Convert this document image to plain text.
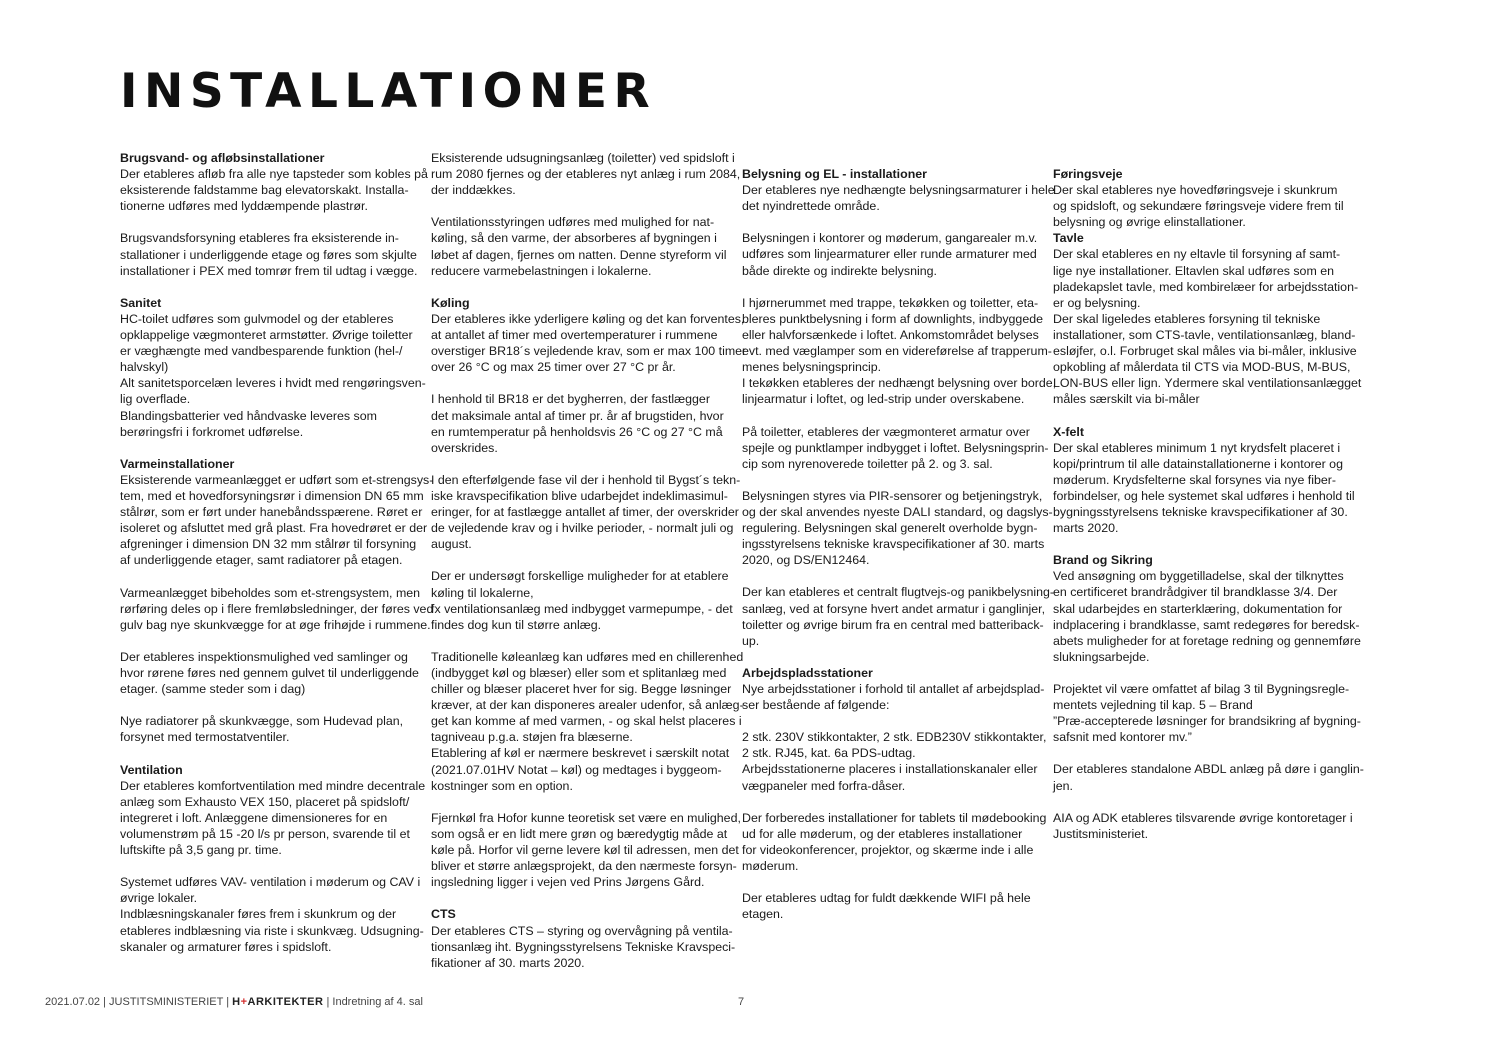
INSTALLATIONER
Brugsvand- og afløbsinstallationer
Der etableres afløb fra alle nye tapsteder som kobles på
eksisterende faldstamme bag elevatorskakt. Installa-
tionerne udføres med lyddæmpende plastrør.
Brugsvandsforsyning etableres fra eksisterende in-
stallationer i underliggende etage og føres som skjulte
installationer i PEX med tomrør frem til udtag i vægge.
Sanitet
HC-toilet udføres som gulvmodel og der etableres
opklappelige vægmonteret armstøtter. Øvrige toiletter
er væghængte med vandbesparende funktion (hel-/
halvskyl)
Alt sanitetsporcelæn leveres i hvidt med rengøringsven-
lig overflade.
Blandingsbatterier ved håndvaske leveres som
berøringsfri i forkromet udførelse.
Varmeinstallationer
Eksisterende varmeanlægget er udført som et-strengsys-
tem, med et hovedforsyningsrør i dimension DN 65 mm
stålrør, som er ført under hanebåndsspærene. Røret er
isoleret og afsluttet med grå plast. Fra hovedrøret er der
afgreninger i dimension DN 32 mm stålrør til forsyning
af underliggende etager, samt radiatorer på etagen.
Varmeanlægget bibeholdes som et-strengsystem, men
rørføring deles op i flere fremløbsledninger, der føres ved
gulv bag nye skunkvægge for at øge frihøjde i rummene.
Der etableres inspektionsmulighed ved samlinger og
hvor rørene føres ned gennem gulvet til underliggende
etager. (samme steder som i dag)
Nye radiatorer på skunkvægge, som Hudevad plan,
forsynet med termostatventiler.
Ventilation
Der etableres komfortventilation med mindre decentrale
anlæg som Exhausto VEX 150, placeret på spidsloft/
integreret i loft. Anlæggene dimensioneres for en
volumenstrøm på 15 -20 l/s pr person, svarende til et
luftskifte på 3,5 gang pr. time.
Systemet udføres VAV- ventilation i møderum og CAV i
øvrige lokaler.
Indblæsningskanaler føres frem i skunkrum og der
etableres indblæsning via riste i skunkvæg. Udsugning-
skanaler og armaturer føres i spidsloft.
Eksisterende udsugningsanlæg (toiletter) ved spidsloft i
rum 2080 fjernes og der etableres nyt anlæg i rum 2084,
der inddækkes.
Ventilationsstyringen udføres med mulighed for nat-
køling, så den varme, der absorberes af bygningen i
løbet af dagen, fjernes om natten. Denne styreform vil
reducere varmebelastningen i lokalerne.
Køling
Der etableres ikke yderligere køling og det kan forventes,
at antallet af timer med overtemperaturer i rummene
overstiger BR18´s vejledende krav, som er max 100 timer
over 26 °C og max 25 timer over 27 °C pr år.
I henhold til BR18 er det bygherren, der fastlægger
det maksimale antal af timer pr. år af brugstiden, hvor
en rumtemperatur på henholdsvis 26 °C og 27 °C må
overskrides.
I den efterfølgende fase vil der i henhold til Bygst´s tekn-
iske kravspecifikation blive udarbejdet indeklimasimul-
eringer, for at fastlægge antallet af timer, der overskrider
de vejledende krav og i hvilke perioder, - normalt juli og
august.
Der er undersøgt forskellige muligheder for at etablere
køling til lokalerne,
fx ventilationsanlæg med indbygget varmepumpe, - det
findes dog kun til større anlæg.
Traditionelle køleanlæg kan udføres med en chillerenhed
(indbygget køl og blæser) eller som et splitanlæg med
chiller og blæser placeret hver for sig. Begge løsninger
kræver, at der kan disponeres arealer udenfor, så anlæg-
get kan komme af med varmen, - og skal helst placeres i
tagniveau p.g.a. støjen fra blæserne.
Etablering af køl er nærmere beskrevet i særskilt notat
(2021.07.01HV Notat – køl) og medtages i byggeom-
kostninger som en option.
Fjernkøl fra Hofor kunne teoretisk set være en mulighed,
som også er en lidt mere grøn og bæredygtig måde at
køle på. Horfor vil gerne levere køl til adressen, men det
bliver et større anlægsprojekt, da den nærmeste forsyn-
ingsledning ligger i vejen ved Prins Jørgens Gård.
CTS
Der etableres CTS – styring og overvågning på ventila-
tionsanlæg iht. Bygningsstyrelsens Tekniske Kravspeci-
fikationer af 30. marts 2020.
Belysning og EL - installationer
Der etableres nye nedhængte belysningsarmaturer i hele
det nyindrettede område.
Belysningen i kontorer og møderum, gangarealer m.v.
udføres som linjearmaturer eller runde armaturer med
både direkte og indirekte belysning.
I hjørnerummet med trappe, tekøkken og toiletter, eta-
bleres punktbelysning i form af downlights, indbyggede
eller halvforsænkede i loftet. Ankomstområdet belyses
evt. med væglamper som en videreførelse af trapperum-
menes belysningsprincip.
I tekøkken etableres der nedhængt belysning over borde,
linjearmatur i loftet, og led-strip under overskabene.
På toiletter, etableres der vægmonteret armatur over
spejle og punktlamper indbygget i loftet. Belysningsprin-
cip som nyrenoverede toiletter på 2. og 3. sal.
Belysningen styres via PIR-sensorer og betjeningstryk,
og der skal anvendes nyeste DALI standard, og dagslys-
regulering. Belysningen skal generelt overholde bygn-
ingsstyrelsens tekniske kravspecifikationer af 30. marts
2020, og DS/EN12464.
Der kan etableres et centralt flugtvejs-og panikbelysning-
sanlæg, ved at forsyne hvert andet armatur i ganglinjer,
toiletter og øvrige birum fra en central med batteriback-
up.
Arbejdspladsstationer
Nye arbejdsstationer i forhold til antallet af arbejdsplad-
ser bestående af følgende:
2 stk. 230V stikkontakter, 2 stk. EDB230V stikkontakter,
2 stk. RJ45, kat. 6a PDS-udtag.
Arbejdsstationerne placeres i installationskanaler eller
vægpaneler med forfra-dåser.
Der forberedes installationer for tablets til mødebooking
ud for alle møderum, og der etableres installationer
for videokonferencer, projektor, og skærme inde i alle
møderum.
Der etableres udtag for fuldt dækkende WIFI på hele
etagen.
Føringsveje
Der skal etableres nye hovedføringsveje i skunkrum
og spidsloft, og sekundære føringsveje videre frem til
belysning og øvrige elinstallationer.
Tavle
Der skal etableres en ny eltavle til forsyning af samt-
lige nye installationer. Eltavlen skal udføres som en
pladekapslet tavle, med kombirelæer for arbejdsstation-
er og belysning.
Der skal ligeledes etableres forsyning til tekniske
installationer, som CTS-tavle, ventilationsanlæg, bland-
esløjfer, o.l. Forbruget skal måles via bi-måler, inklusive
opkobling af målerdata til CTS via MOD-BUS, M-BUS,
LON-BUS eller lign. Ydermere skal ventilationsanlægget
måles særskilt via bi-måler
X-felt
Der skal etableres minimum 1 nyt krydsfelt placeret i
kopi/printrum til alle datainstallationerne i kontorer og
møderum. Krydsfelterne skal forsynes via nye fiber-
forbindelser, og hele systemet skal udføres i henhold til
bygningsstyrelsens tekniske kravspecifikationer af 30.
marts 2020.
Brand og Sikring
Ved ansøgning om byggetilladelse, skal der tilknyttes
en certificeret brandrådgiver til brandklasse 3/4. Der
skal udarbejdes en starterklæring, dokumentation for
indplacering i brandklasse, samt redegøres for beredsk-
abets muligheder for at foretage redning og gennemføre
slukningsarbejde.
Projektet vil være omfattet af bilag 3 til Bygningsregle-
mentets vejledning til kap. 5 – Brand
”Præ-accepterede løsninger for brandsikring af bygning-
safsnit med kontorer mv.”
Der etableres standalone ABDL anlæg på døre i ganglin-
jen.
AIA og ADK etableres tilsvarende øvrige kontoretager i
Justitsministeriet.
2021.07.02 | JUSTITSMINISTERIET | H+ARKITEKTER | Indretning af 4. sal	7
